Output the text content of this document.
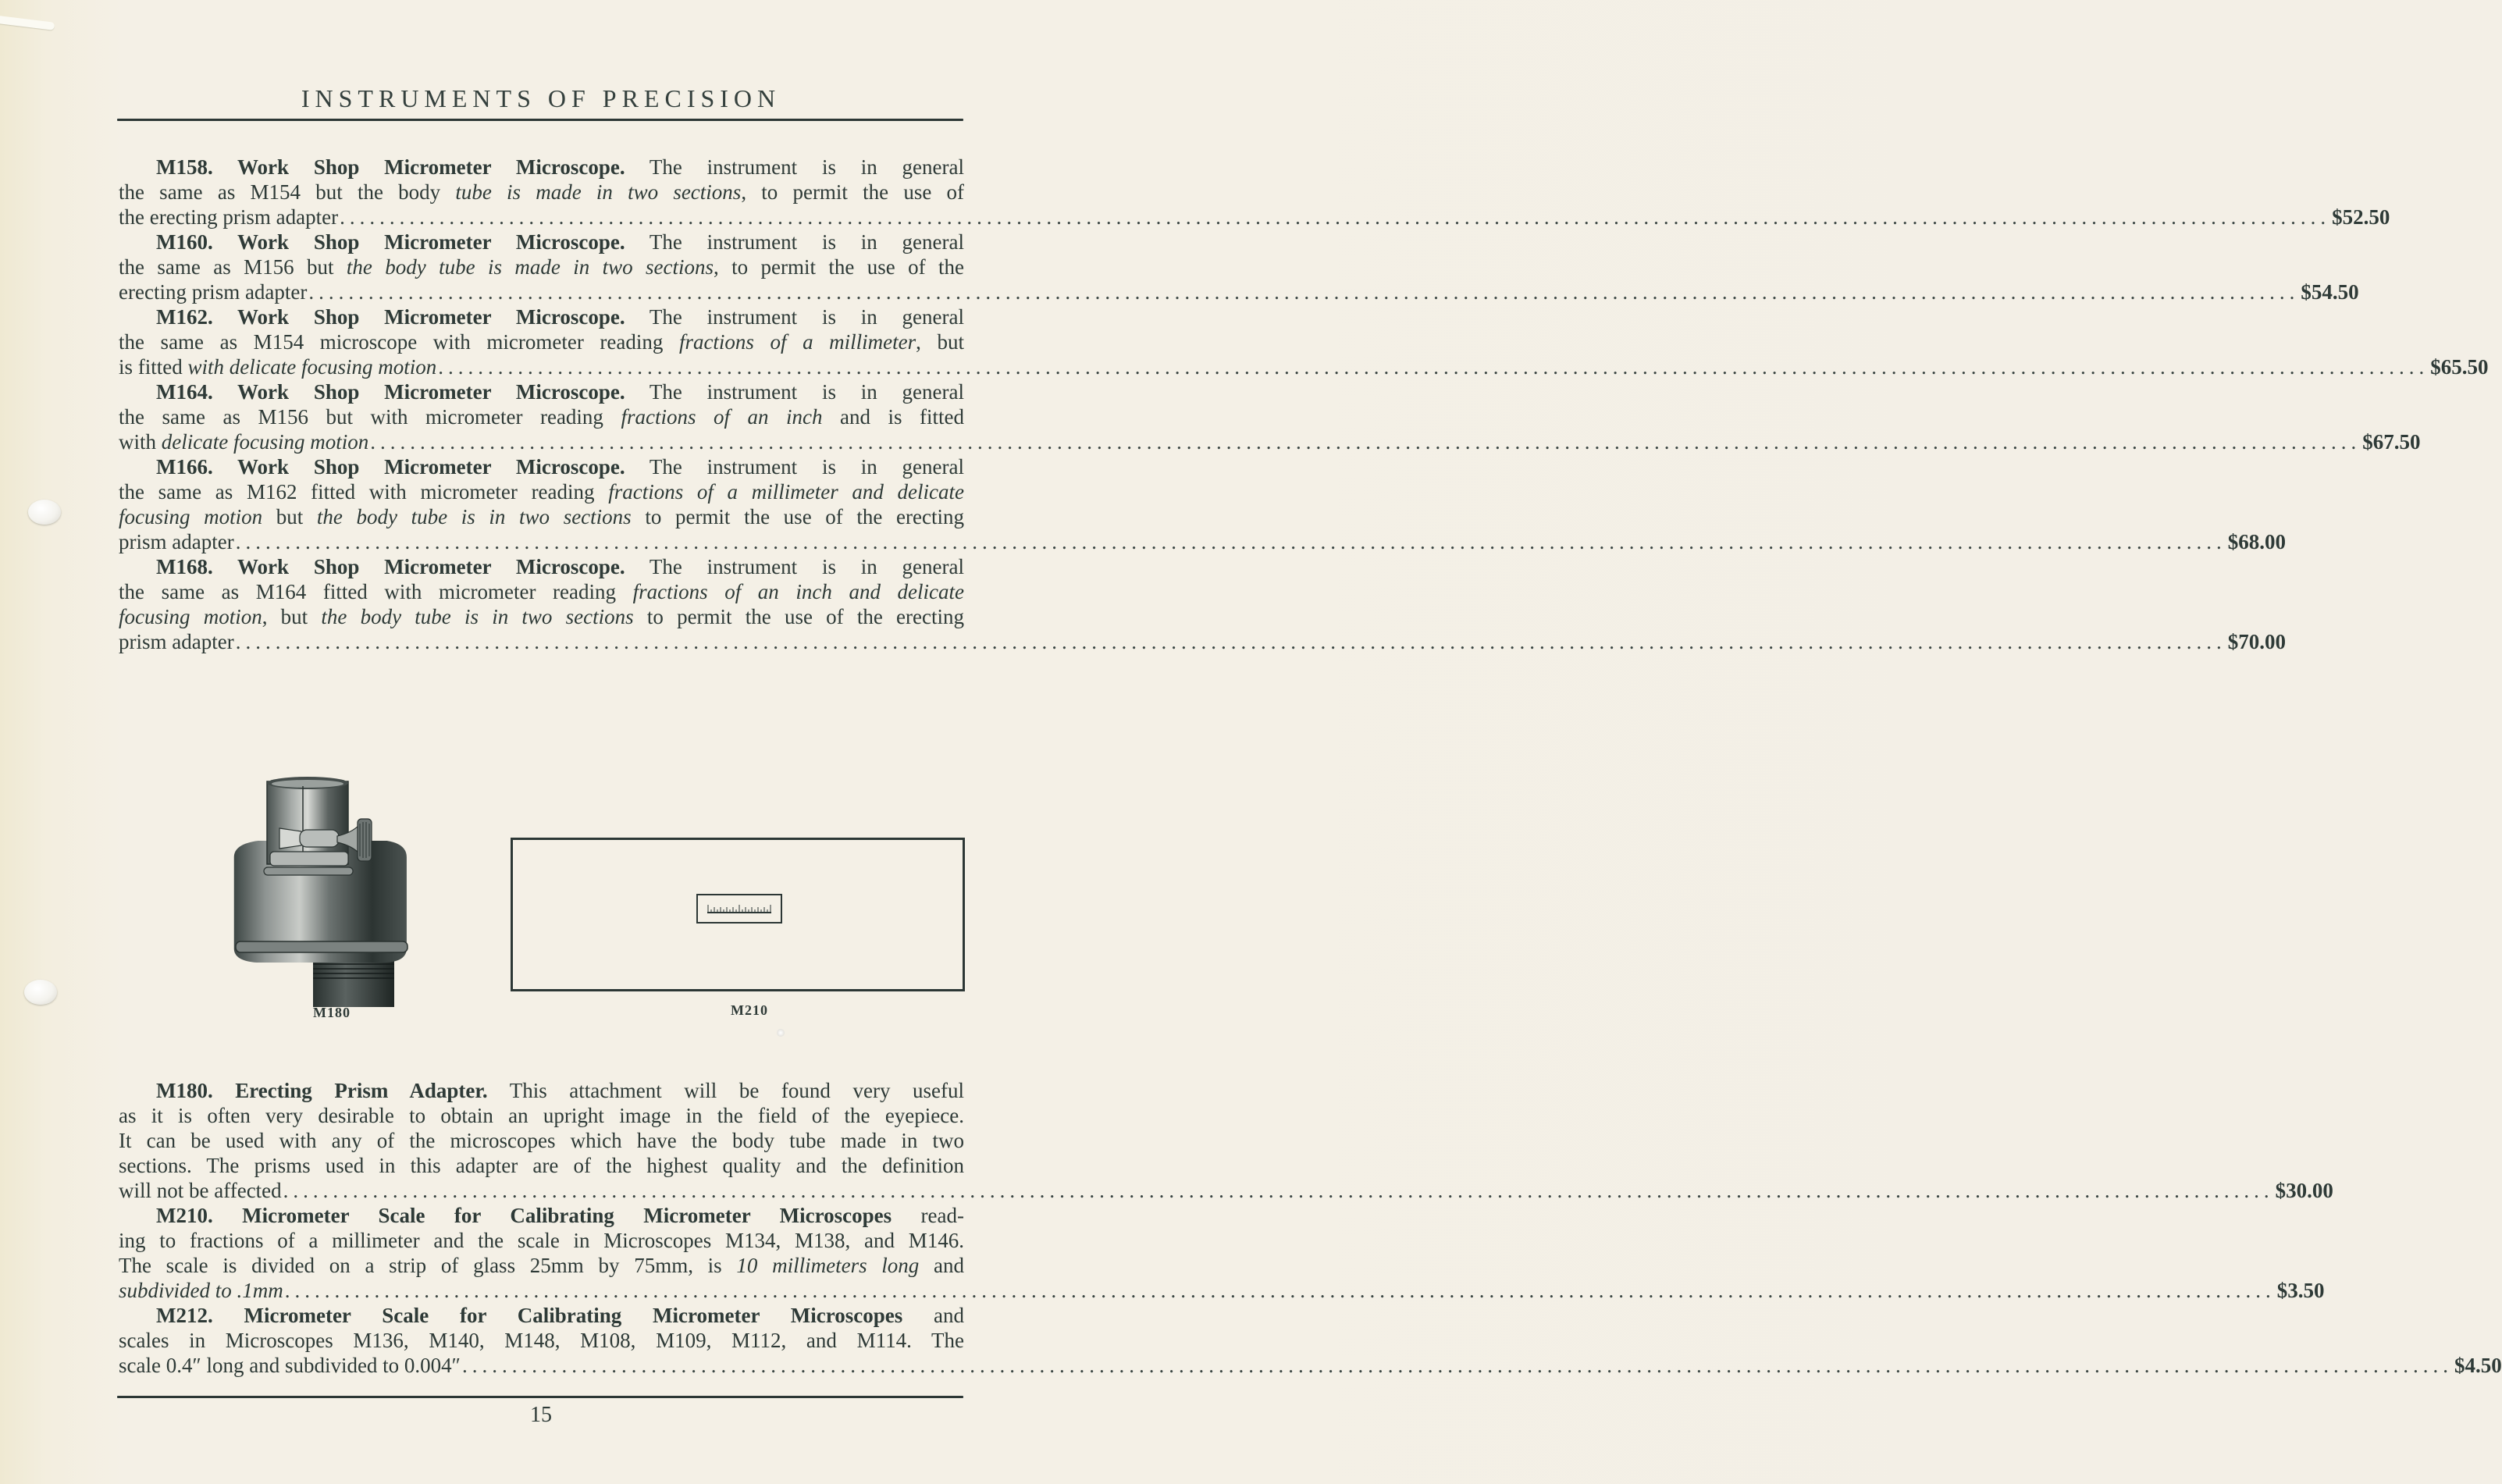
INSTRUMENTS OF PRECISION

M158. Work Shop Micrometer Microscope. The instrument is in general

the same as M154 but the body tube is made in two sections, to permit the use of

the erecting prism adapter ........................................................................................................................................................................................................ $52.50

M160. Work Shop Micrometer Microscope. The instrument is in general

the same as M156 but the body tube is made in two sections, to permit the use of the

erecting prism adapter ........................................................................................................................................................................................................ $54.50

M162. Work Shop Micrometer Microscope. The instrument is in general

the same as M154 microscope with micrometer reading fractions of a millimeter, but

is fitted with delicate focusing motion ........................................................................................................................................................................................................ $65.50

M164. Work Shop Micrometer Microscope. The instrument is in general

the same as M156 but with micrometer reading fractions of an inch and is fitted

with delicate focusing motion ........................................................................................................................................................................................................ $67.50

M166. Work Shop Micrometer Microscope. The instrument is in general

the same as M162 fitted with micrometer reading fractions of a millimeter and delicate

focusing motion but the body tube is in two sections to permit the use of the erecting

prism adapter ........................................................................................................................................................................................................ $68.00

M168. Work Shop Micrometer Microscope. The instrument is in general

the same as M164 fitted with micrometer reading fractions of an inch and delicate

focusing motion, but the body tube is in two sections to permit the use of the erecting

prism adapter ........................................................................................................................................................................................................ $70.00

M180	M210

M180. Erecting Prism Adapter. This attachment will be found very useful

as it is often very desirable to obtain an upright image in the field of the eyepiece.

It can be used with any of the microscopes which have the body tube made in two

sections. The prisms used in this adapter are of the highest quality and the definition

will not be affected ........................................................................................................................................................................................................ $30.00

M210. Micrometer Scale for Calibrating Micrometer Microscopes read-

ing to fractions of a millimeter and the scale in Microscopes M134, M138, and M146.

The scale is divided on a strip of glass 25mm by 75mm, is 10 millimeters long and

subdivided to .1mm ........................................................................................................................................................................................................ $3.50

M212. Micrometer Scale for Calibrating Micrometer Microscopes and

scales in Microscopes M136, M140, M148, M108, M109, M112, and M114. The

scale 0.4″ long and subdivided to 0.004″ ........................................................................................................................................................................................................ $4.50

15
